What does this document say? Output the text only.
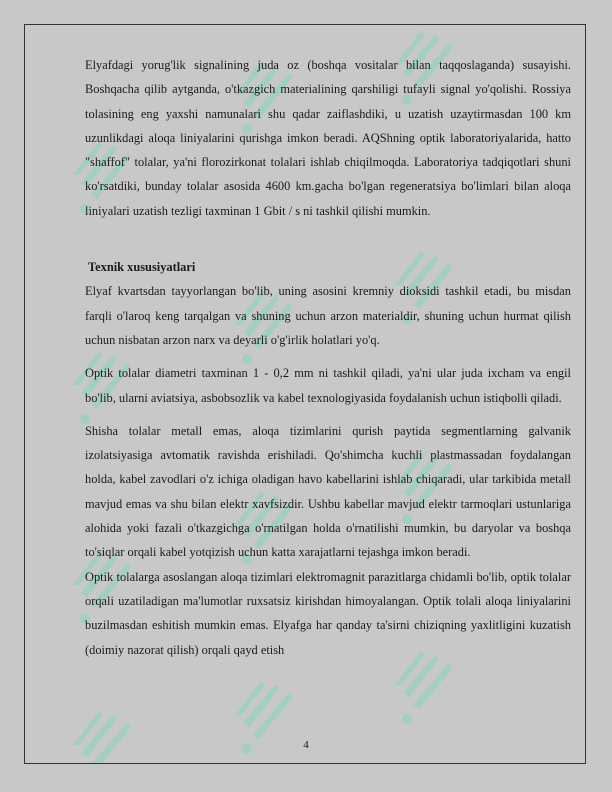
Elyafdagi yorug'lik signalining juda oz (boshqa vositalar bilan taqqoslaganda) susayishi. Boshqacha qilib aytganda, o'tkazgich materialining qarshiligi tufayli signal yo'qolishi. Rossiya tolasining eng yaxshi namunalari shu qadar zaiflashdiki, u uzatish uzaytirmasdan 100 km uzunlikdagi aloqa liniyalarini qurishga imkon beradi. AQShning optik laboratoriyalarida, hatto "shaffof" tolalar, ya'ni florozirkonat tolalari ishlab chiqilmoqda. Laboratoriya tadqiqotlari shuni ko'rsatdiki, bunday tolalar asosida 4600 km.gacha bo'lgan regeneratsiya bo'limlari bilan aloqa liniyalari uzatish tezligi taxminan 1 Gbit / s ni tashkil qilishi mumkin.

Texnik xususiyatlari

Elyaf kvartsdan tayyorlangan bo'lib, uning asosini kremniy dioksidi tashkil etadi, bu misdan farqli o'laroq keng tarqalgan va shuning uchun arzon materialdir, shuning uchun hurmat qilish uchun nisbatan arzon narx va deyarli o'g'irlik holatlari yo'q.

Optik tolalar diametri taxminan 1 - 0,2 mm ni tashkil qiladi, ya'ni ular juda ixcham va engil bo'lib, ularni aviatsiya, asbobsozlik va kabel texnologiyasida foydalanish uchun istiqbolli qiladi.

Shisha tolalar metall emas, aloqa tizimlarini qurish paytida segmentlarning galvanik izolatsiyasiga avtomatik ravishda erishiladi. Qo'shimcha kuchli plastmassadan foydalangan holda, kabel zavodlari o'z ichiga oladigan havo kabellarini ishlab chiqaradi, ular tarkibida metall mavjud emas va shu bilan elektr xavfsizdir. Ushbu kabellar mavjud elektr tarmoqlari ustunlariga alohida yoki fazali o'tkazgichga o'rnatilgan holda o'rnatilishi mumkin, bu daryolar va boshqa to'siqlar orqali kabel yotqizish uchun katta xarajatlarni tejashga imkon beradi.

Optik tolalarga asoslangan aloqa tizimlari elektromagnit parazitlarga chidamli bo'lib, optik tolalar orqali uzatiladigan ma'lumotlar ruxsatsiz kirishdan himoyalangan. Optik tolali aloqa liniyalarini buzilmasdan eshitish mumkin emas. Elyafga har qanday ta'sirni chiziqning yaxlitligini kuzatish (doimiy nazorat qilish) orqali qayd etish

4
